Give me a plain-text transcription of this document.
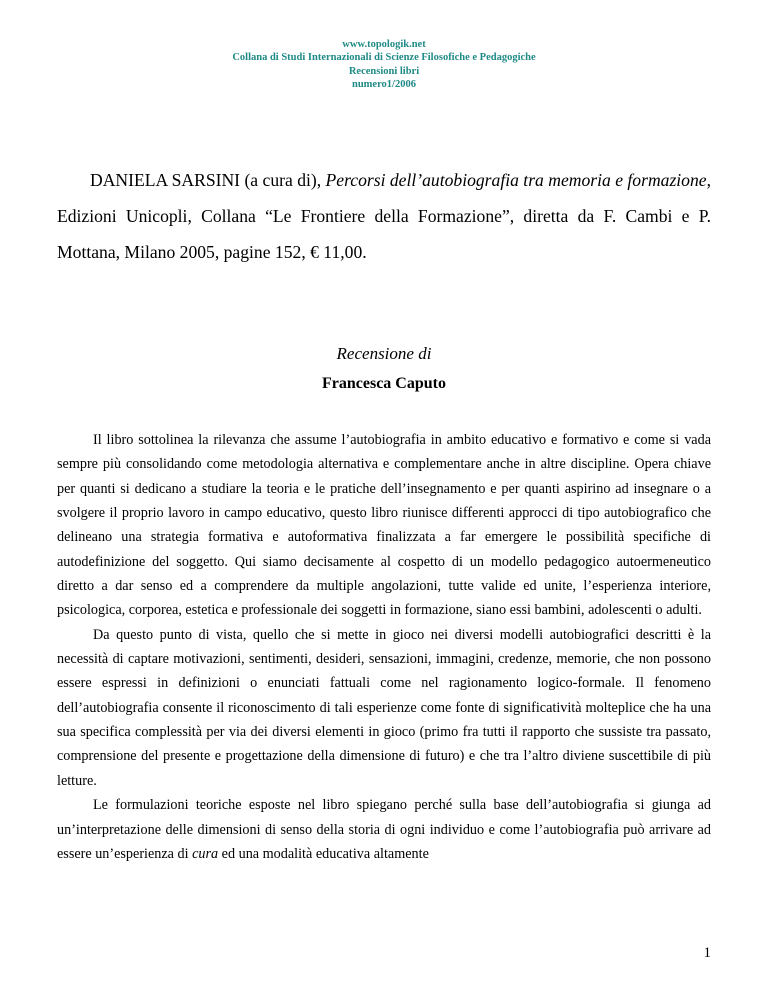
www.topologik.net
Collana di Studi Internazionali di Scienze Filosofiche e Pedagogiche
Recensioni libri
numero1/2006
DANIELA SARSINI (a cura di), Percorsi dell’autobiografia tra memoria e formazione, Edizioni Unicopli, Collana “Le Frontiere della Formazione”, diretta da F. Cambi e P. Mottana, Milano 2005, pagine 152, € 11,00.
Recensione di
Francesca Caputo

Il libro sottolinea la rilevanza che assume l’autobiografia in ambito educativo e formativo e come si vada sempre più consolidando come metodologia alternativa e complementare anche in altre discipline. Opera chiave per quanti si dedicano a studiare la teoria e le pratiche dell’insegnamento e per quanti aspirino ad insegnare o a svolgere il proprio lavoro in campo educativo, questo libro riunisce differenti approcci di tipo autobiografico che delineano una strategia formativa e autoformativa finalizzata a far emergere le possibilità specifiche di autodefinizione del soggetto. Qui siamo decisamente al cospetto di un modello pedagogico autoermeneutico diretto a dar senso ed a comprendere da multiple angolazioni, tutte valide ed unite, l’esperienza interiore, psicologica, corporea, estetica e professionale dei soggetti in formazione, siano essi bambini, adolescenti o adulti.

Da questo punto di vista, quello che si mette in gioco nei diversi modelli autobiografici descritti è la necessità di captare motivazioni, sentimenti, desideri, sensazioni, immagini, credenze, memorie, che non possono essere espressi in definizioni o enunciati fattuali come nel ragionamento logico-formale. Il fenomeno dell’autobiografia consente il riconoscimento di tali esperienze come fonte di significatività molteplice che ha una sua specifica complessità per via dei diversi elementi in gioco (primo fra tutti il rapporto che sussiste tra passato, comprensione del presente e progettazione della dimensione di futuro) e che tra l’altro diviene suscettibile di più letture.

Le formulazioni teoriche esposte nel libro spiegano perché sulla base dell’autobiografia si giunga ad un’interpretazione delle dimensioni di senso della storia di ogni individuo e come l’autobiografia può arrivare ad essere un’esperienza di cura ed una modalità educativa altamente

1
